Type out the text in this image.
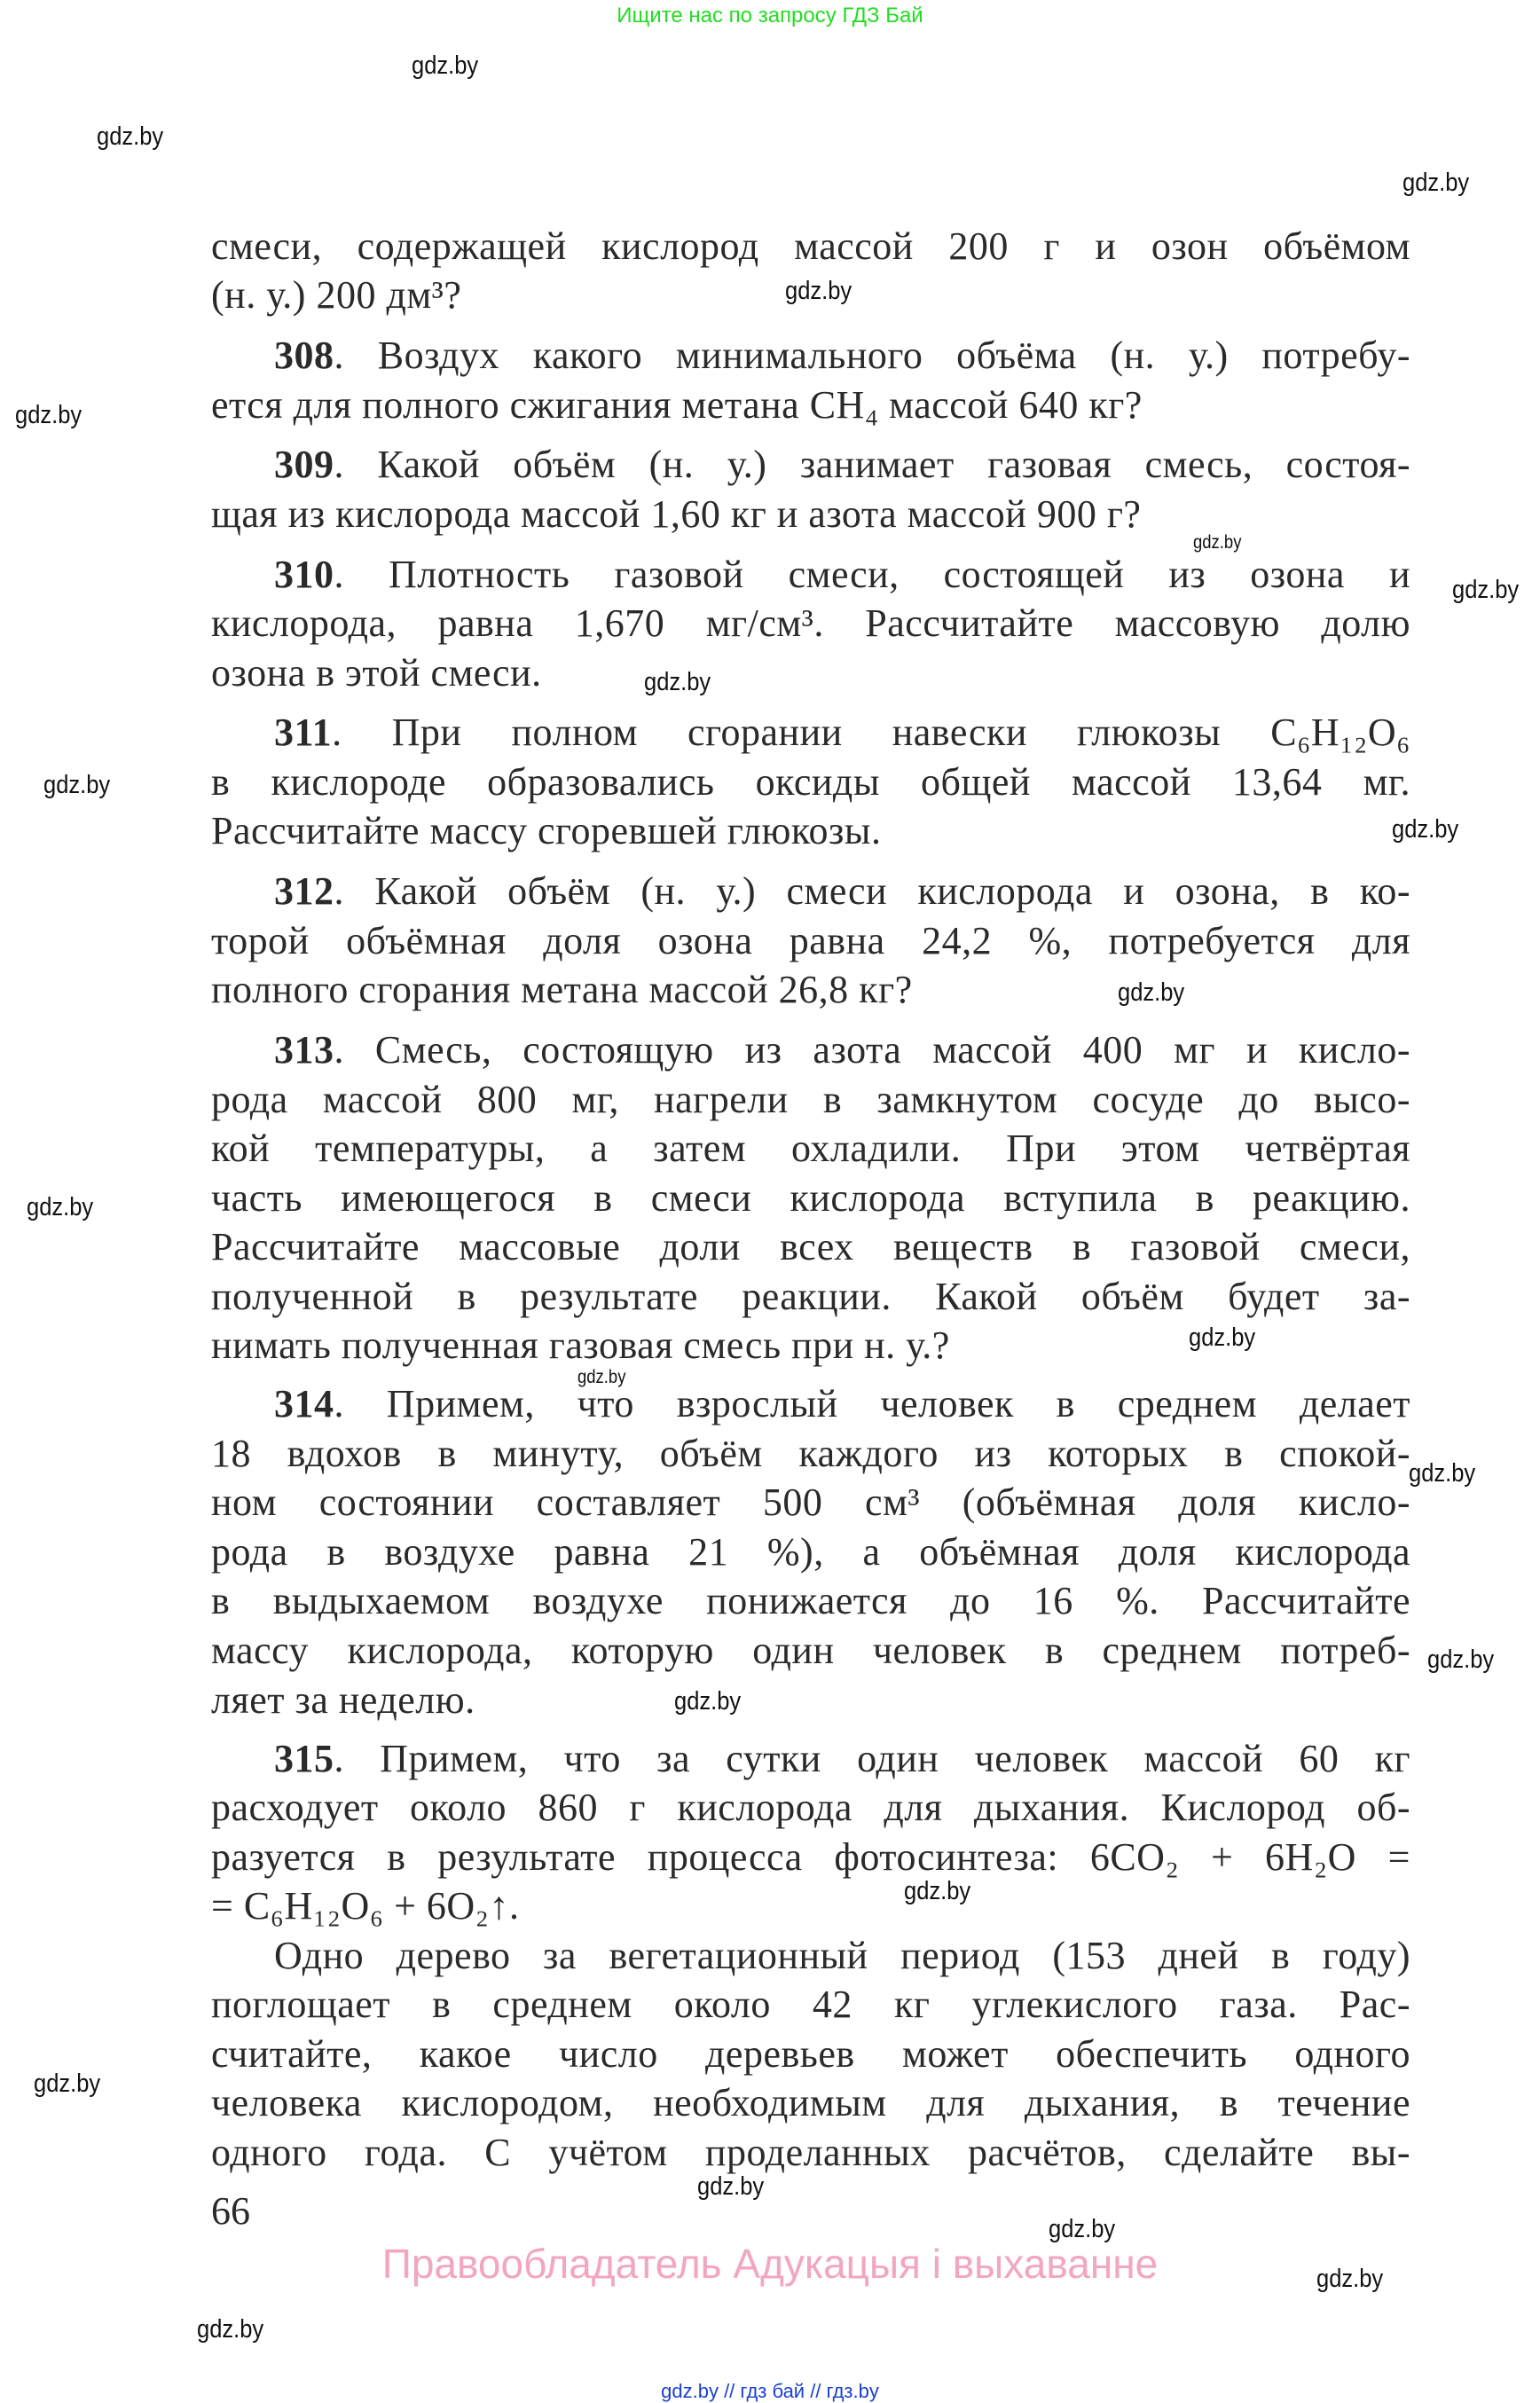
Ищите нас по запросу ГДЗ Бай
смеси, содержащей кислород массой 200 г и озон объёмом
(н. у.) 200 дм³?
308. Воздух какого минимального объёма (н. у.) потребу-
ется для полного сжигания метана CH₄ массой 640 кг?
309. Какой объём (н. у.) занимает газовая смесь, состоя-
щая из кислорода массой 1,60 кг и азота массой 900 г?
310. Плотность газовой смеси, состоящей из озона и
кислорода, равна 1,670 мг/см³. Рассчитайте массовую долю
озона в этой смеси.
311. При полном сгорании навески глюкозы C₆H₁₂O₆
в кислороде образовались оксиды общей массой 13,64 мг.
Рассчитайте массу сгоревшей глюкозы.
312. Какой объём (н. у.) смеси кислорода и озона, в ко-
торой объёмная доля озона равна 24,2 %, потребуется для
полного сгорания метана массой 26,8 кг?
313. Смесь, состоящую из азота массой 400 мг и кисло-
рода массой 800 мг, нагрели в замкнутом сосуде до высо-
кой температуры, а затем охладили. При этом четвёртая
часть имеющегося в смеси кислорода вступила в реакцию.
Рассчитайте массовые доли всех веществ в газовой смеси,
полученной в результате реакции. Какой объём будет за-
нимать полученная газовая смесь при н. у.?
314. Примем, что взрослый человек в среднем делает
18 вдохов в минуту, объём каждого из которых в спокой-
ном состоянии составляет 500 см³ (объёмная доля кисло-
рода в воздухе равна 21 %), а объёмная доля кислорода
в выдыхаемом воздухе понижается до 16 %. Рассчитайте
массу кислорода, которую один человек в среднем потреб-
ляет за неделю.
315. Примем, что за сутки один человек массой 60 кг
расходует около 860 г кислорода для дыхания. Кислород об-
разуется в результате процесса фотосинтеза: 6CO₂ + 6H₂O =
= C₆H₁₂O₆ + 6O₂↑.
Одно дерево за вегетационный период (153 дней в году)
поглощает в среднем около 42 кг углекислого газа. Рас-
считайте, какое число деревьев может обеспечить одного
человека кислородом, необходимым для дыхания, в течение
одного года. С учётом проделанных расчётов, сделайте вы-
gdz.by
gdz.by
gdz.by
gdz.by
gdz.by
gdz.by
gdz.by
gdz.by
gdz.by
gdz.by
gdz.by
gdz.by
gdz.by
gdz.by
gdz.by
gdz.by
gdz.by
gdz.by
gdz.by
gdz.by
gdz.by
gdz.by
gdz.by
66
Правообладатель Адукацыя і выхаванне
gdz.by // гдз бай // гдз.by
